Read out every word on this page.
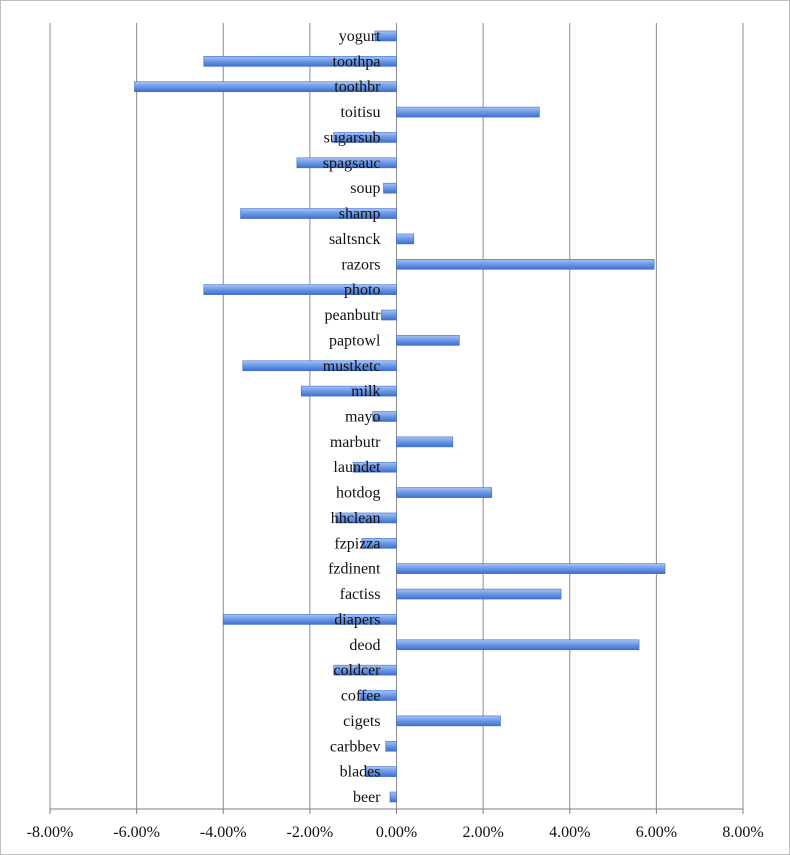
yogurt
toothpa
toothbr
toitisu
sugarsub
spagsauc
soup
shamp
saltsnck
razors
photo
peanbutr
paptowl
mustketc
milk
mayo
marbutr
laundet
hotdog
hhclean
fzpizza
fzdinent
factiss
diapers
deod
coldcer
coffee
cigets
carbbev
blades
beer
-8.00% -6.00% -4.00% -2.00%	0.00%	2.00%	4.00%	6.00%	8.00%
